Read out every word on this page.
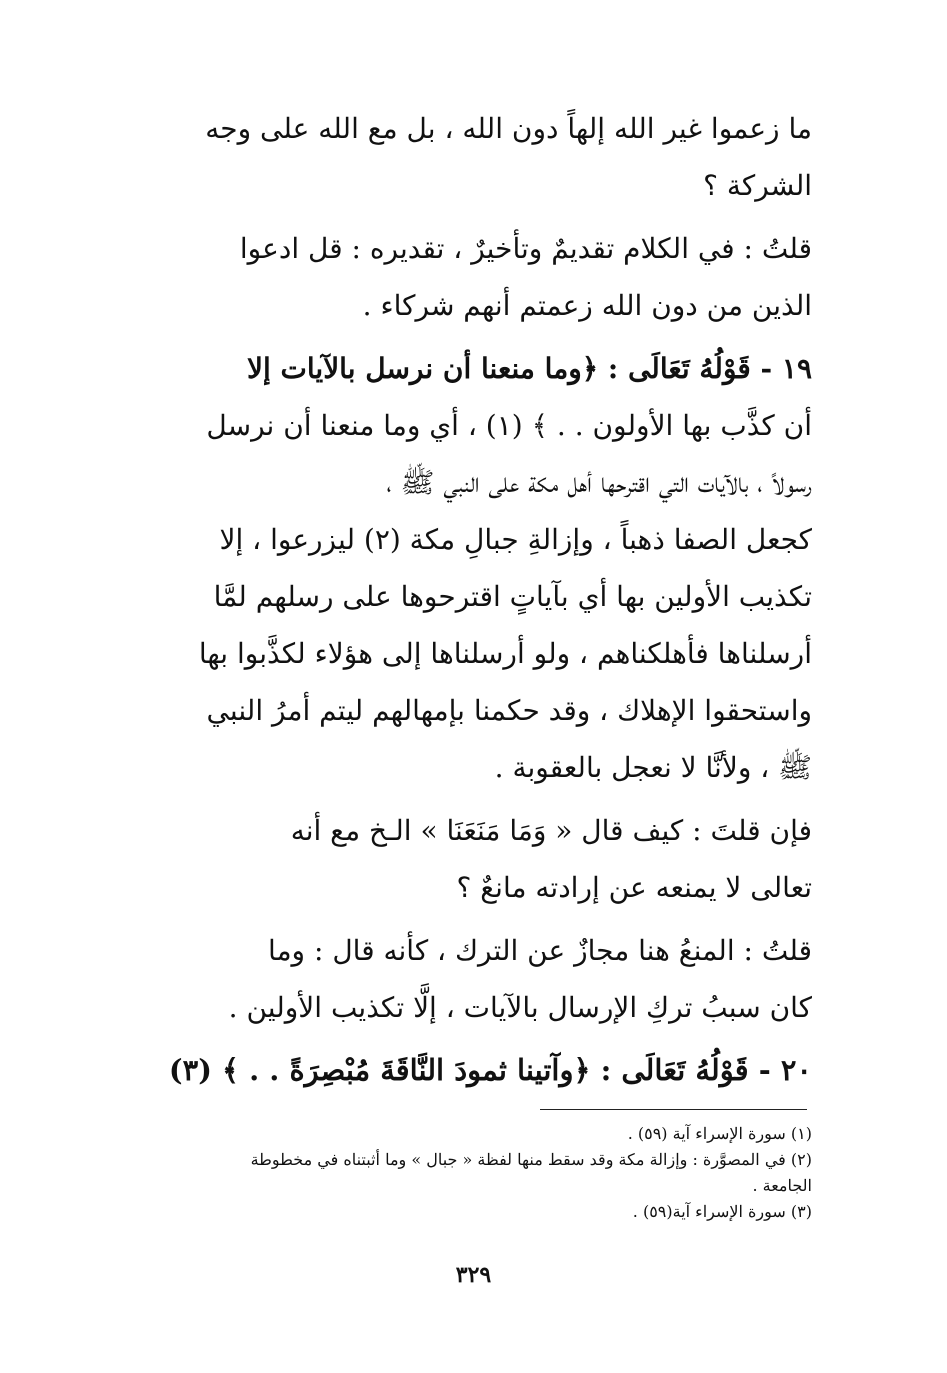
ما زعموا غير الله إلهاً دون الله ، بل مع الله على وجه
الشركة ؟
قلتُ : في الكلام تقديمٌ وتأخيرٌ ، تقديره : قل ادعوا
الذين من دون الله زعمتم أنهم شركاء .
١٩ - قَوْلُهُ تَعَالَى : ﴿وما منعنا أن نرسل بالآيات إلا
أن كذَّب بها الأولون . . ﴾ (١) ، أي وما منعنا أن نرسل
رسولاً ، بالآيات التي اقترحها أهل مكة على النبي ﷺ ،
كجعل الصفا ذهباً ، وإزالةِ جبالِ مكة (٢) ليزرعوا ، إلا
تكذيب الأولين بها أي بآياتٍ اقترحوها على رسلهم لمَّا
أرسلناها فأهلكناهم ، ولو أرسلناها إلى هؤلاء لكذَّبوا بها
واستحقوا الإهلاك ، وقد حكمنا بإمهالهم ليتم أمرُ النبي
ﷺ ، ولأنَّا لا نعجل بالعقوبة .
فإن قلتَ : كيف قال « وَمَا مَنَعَنَا » الـخ مع أنه
تعالى لا يمنعه عن إرادته مانعٌ ؟
قلتُ : المنعُ هنا مجازٌ عن الترك ، كأنه قال : وما
كان سببُ تركِ الإرسال بالآيات ، إلَّا تكذيب الأولين .
٢٠ - قَوْلُهُ تَعَالَى : ﴿وآتينا ثمودَ النَّاقَةَ مُبْصِرَةً . . ﴾ (٣)
(١) سورة الإسراء آية (٥٩) .
(٢) في المصوَّرة : وإزالة مكة وقد سقط منها لفظة « جبال » وما أثبتناه في مخطوطة
الجامعة .
(٣) سورة الإسراء آية(٥٩) .
٣٢٩
